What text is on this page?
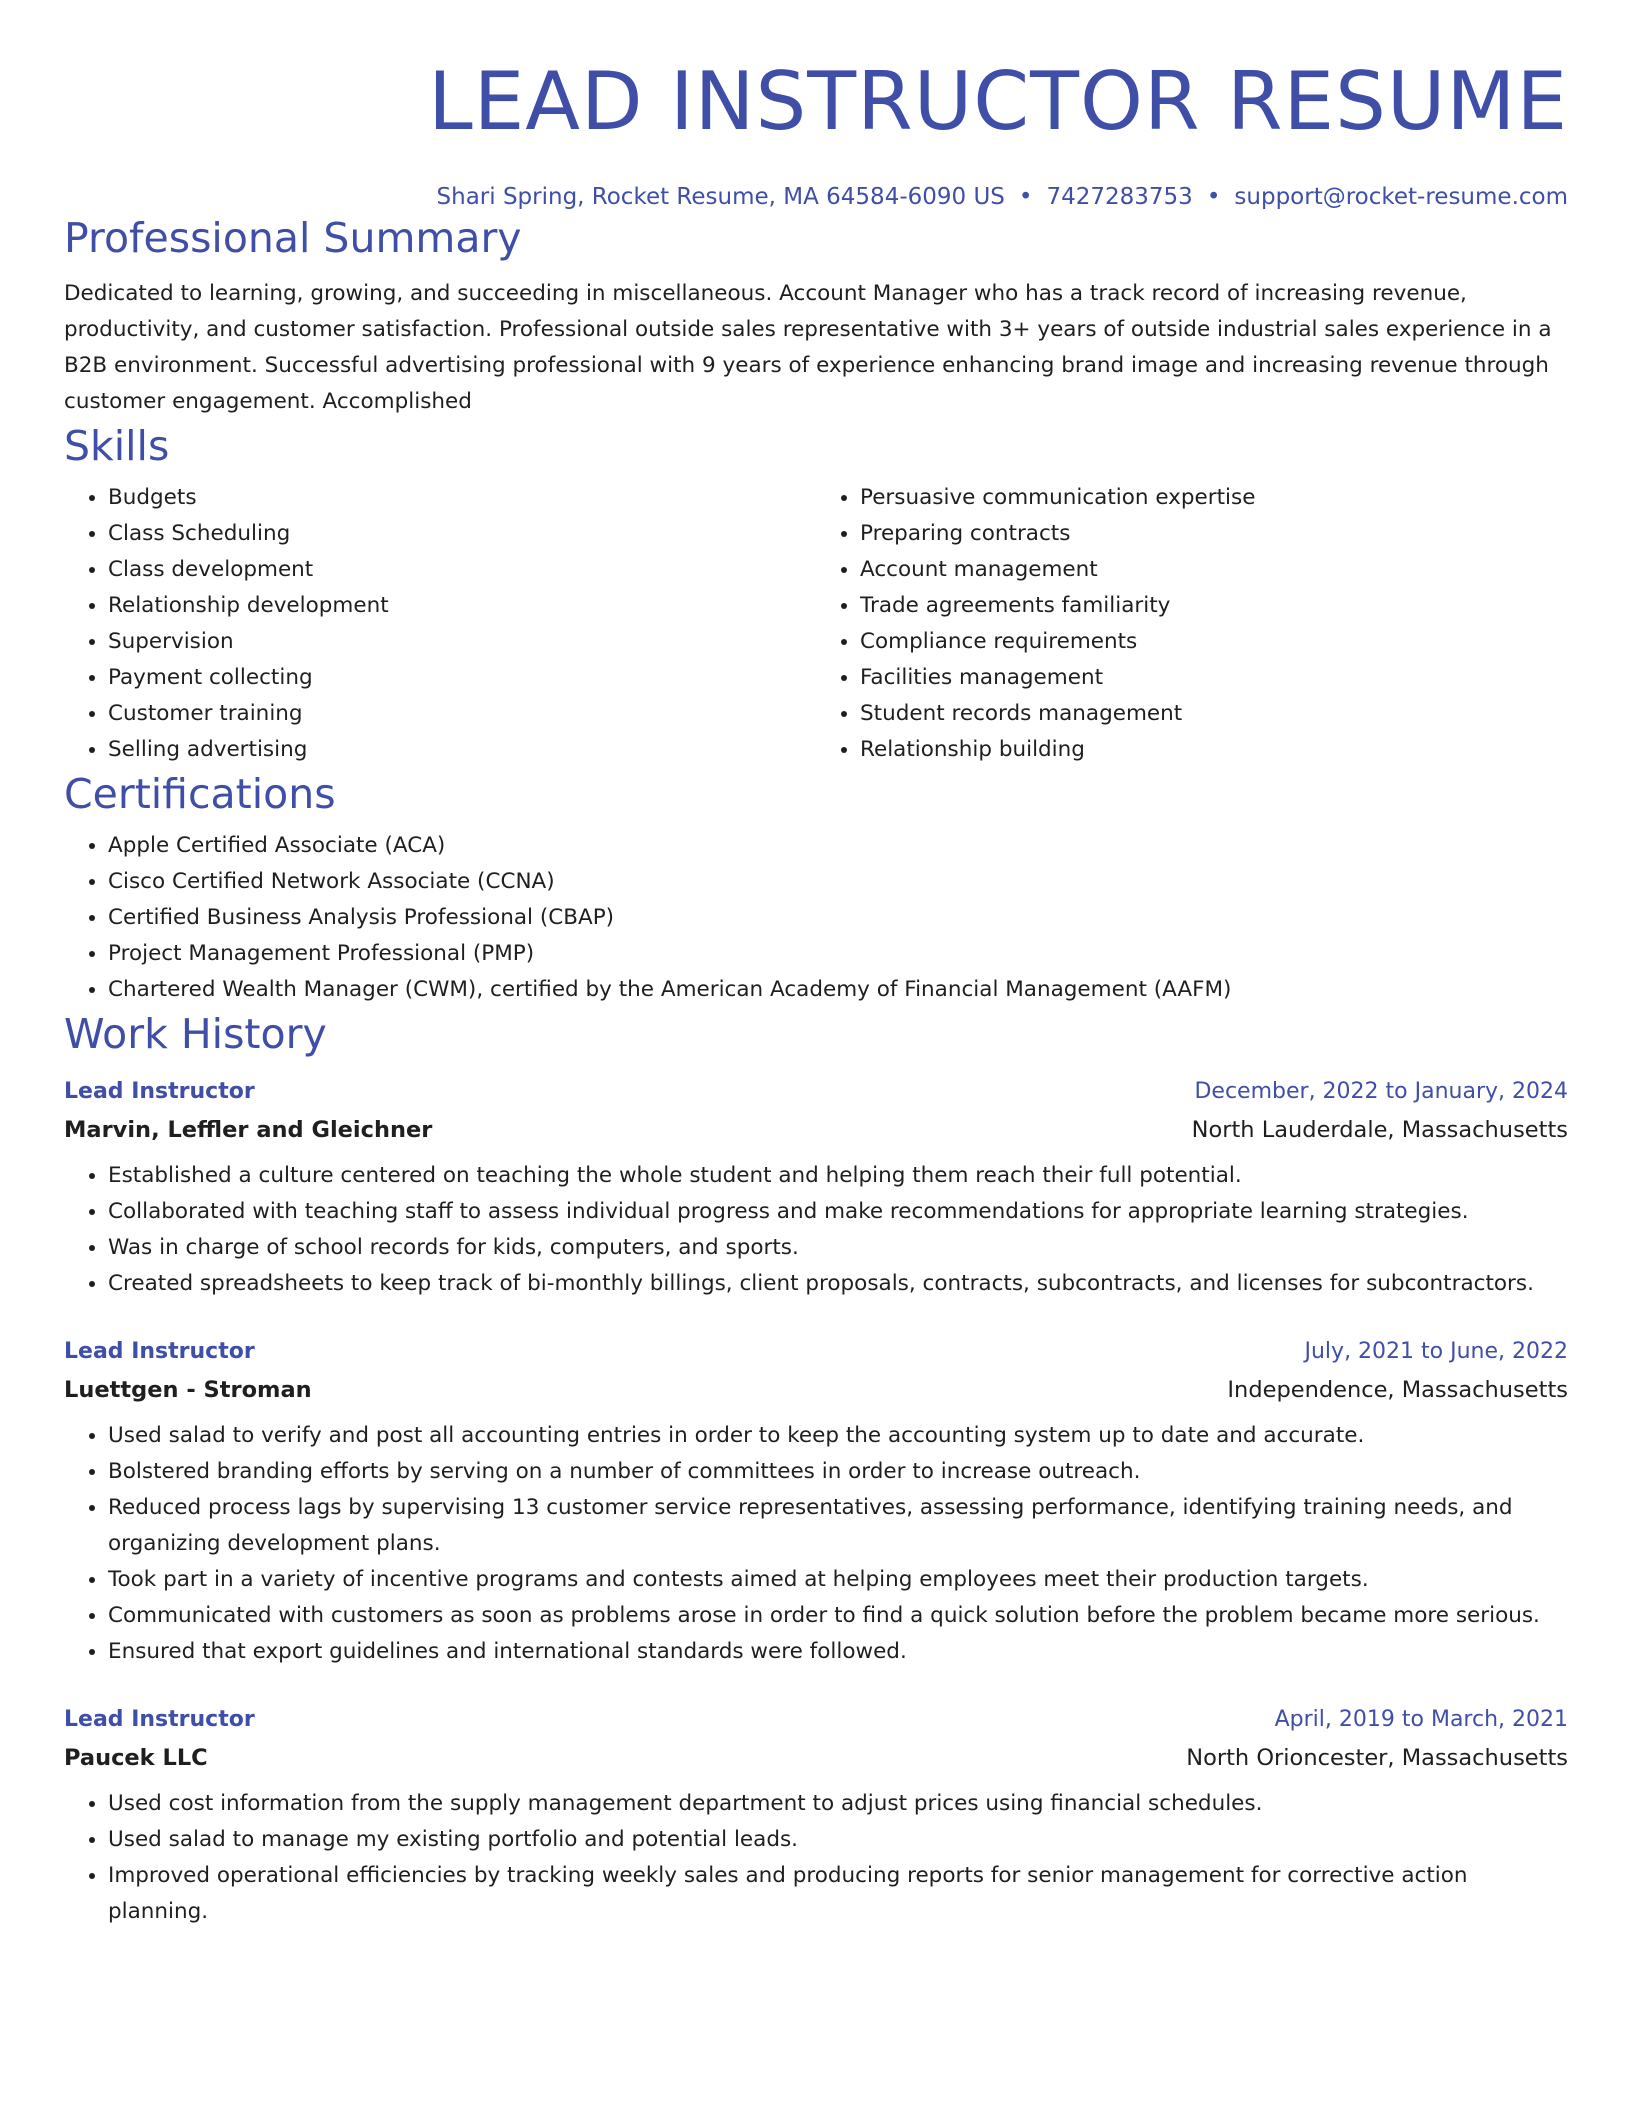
LEAD INSTRUCTOR RESUME
Shari Spring, Rocket Resume, MA 64584-6090 US • 7427283753 • support@rocket-resume.com
Professional Summary

Dedicated to learning, growing, and succeeding in miscellaneous. Account Manager who has a track record of increasing revenue, productivity, and customer satisfaction. Professional outside sales representative with 3+ years of outside industrial sales experience in a B2B environment. Successful advertising professional with 9 years of experience enhancing brand image and increasing revenue through customer engagement. Accomplished

Skills
• Budgets
• Class Scheduling
• Class development
• Relationship development
• Supervision
• Payment collecting
• Customer training
• Selling advertising
• Persuasive communication expertise
• Preparing contracts
• Account management
• Trade agreements familiarity
• Compliance requirements
• Facilities management
• Student records management
• Relationship building
Certifications
• Apple Certified Associate (ACA)
• Cisco Certified Network Associate (CCNA)
• Certified Business Analysis Professional (CBAP)
• Project Management Professional (PMP)
• Chartered Wealth Manager (CWM), certified by the American Academy of Financial Management (AAFM)
Work History
Lead Instructor	December, 2022 to January, 2024
Marvin, Leffler and Gleichner	North Lauderdale, Massachusetts
• Established a culture centered on teaching the whole student and helping them reach their full potential.
• Collaborated with teaching staff to assess individual progress and make recommendations for appropriate learning strategies.
• Was in charge of school records for kids, computers, and sports.
• Created spreadsheets to keep track of bi-monthly billings, client proposals, contracts, subcontracts, and licenses for subcontractors.
Lead Instructor	July, 2021 to June, 2022
Luettgen - Stroman	Independence, Massachusetts
• Used salad to verify and post all accounting entries in order to keep the accounting system up to date and accurate.
• Bolstered branding efforts by serving on a number of committees in order to increase outreach.
• Reduced process lags by supervising 13 customer service representatives, assessing performance, identifying training needs, and organizing development plans.
• Took part in a variety of incentive programs and contests aimed at helping employees meet their production targets.
• Communicated with customers as soon as problems arose in order to find a quick solution before the problem became more serious.
• Ensured that export guidelines and international standards were followed.
Lead Instructor	April, 2019 to March, 2021
Paucek LLC	North Orioncester, Massachusetts
• Used cost information from the supply management department to adjust prices using financial schedules.
• Used salad to manage my existing portfolio and potential leads.
• Improved operational efficiencies by tracking weekly sales and producing reports for senior management for corrective action planning.
